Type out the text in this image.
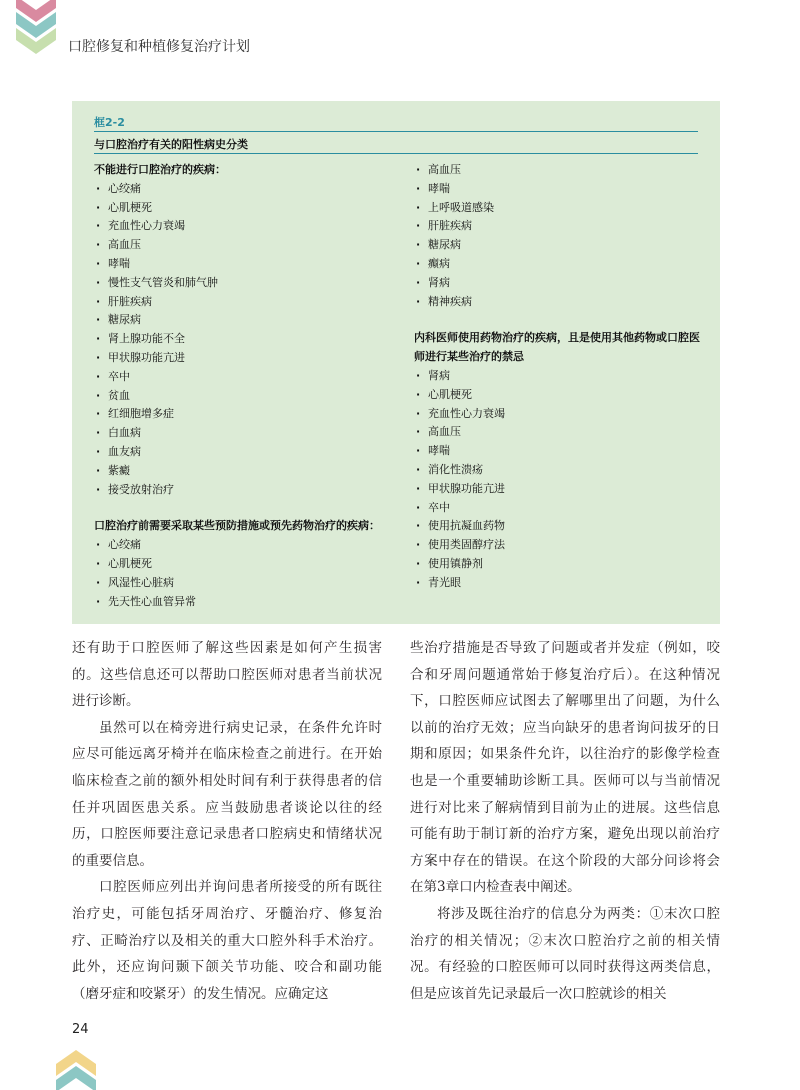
口腔修复和种植修复治疗计划
框2-2
与口腔治疗有关的阳性病史分类
不能进行口腔治疗的疾病：
· 心绞痛
· 心肌梗死
· 充血性心力衰竭
· 高血压
· 哮喘
· 慢性支气管炎和肺气肿
· 肝脏疾病
· 糖尿病
· 肾上腺功能不全
· 甲状腺功能亢进
· 卒中
· 贫血
· 红细胞增多症
· 白血病
· 血友病
· 紫癜
· 接受放射治疗
口腔治疗前需要采取某些预防措施或预先药物治疗的疾病：
· 心绞痛
· 心肌梗死
· 风湿性心脏病
· 先天性心血管异常
· 高血压
· 哮喘
· 上呼吸道感染
· 肝脏疾病
· 糖尿病
· 癫病
· 肾病
· 精神疾病
内科医师使用药物治疗的疾病，且是使用其他药物或口腔医师进行某些治疗的禁忌
· 肾病
· 心肌梗死
· 充血性心力衰竭
· 高血压
· 哮喘
· 消化性溃疡
· 甲状腺功能亢进
· 卒中
· 使用抗凝血药物
· 使用类固醇疗法
· 使用镇静剂
· 青光眼

还有助于口腔医师了解这些因素是如何产生损害的。这些信息还可以帮助口腔医师对患者当前状况进行诊断。

虽然可以在椅旁进行病史记录，在条件允许时应尽可能远离牙椅并在临床检查之前进行。在开始临床检查之前的额外相处时间有利于获得患者的信任并巩固医患关系。应当鼓励患者谈论以往的经历，口腔医师要注意记录患者口腔病史和情绪状况的重要信息。

口腔医师应列出并询问患者所接受的所有既往治疗史，可能包括牙周治疗、牙髓治疗、修复治疗、正畸治疗以及相关的重大口腔外科手术治疗。此外，还应询问颞下颌关节功能、咬合和副功能（磨牙症和咬紧牙）的发生情况。应确定这

些治疗措施是否导致了问题或者并发症（例如，咬合和牙周问题通常始于修复治疗后）。在这种情况下，口腔医师应试图去了解哪里出了问题，为什么以前的治疗无效；应当向缺牙的患者询问拔牙的日期和原因；如果条件允许，以往治疗的影像学检查也是一个重要辅助诊断工具。医师可以与当前情况进行对比来了解病情到目前为止的进展。这些信息可能有助于制订新的治疗方案，避免出现以前治疗方案中存在的错误。在这个阶段的大部分问诊将会在第3章口内检查表中阐述。

将涉及既往治疗的信息分为两类：①末次口腔治疗的相关情况；②末次口腔治疗之前的相关情况。有经验的口腔医师可以同时获得这两类信息，但是应该首先记录最后一次口腔就诊的相关

24
